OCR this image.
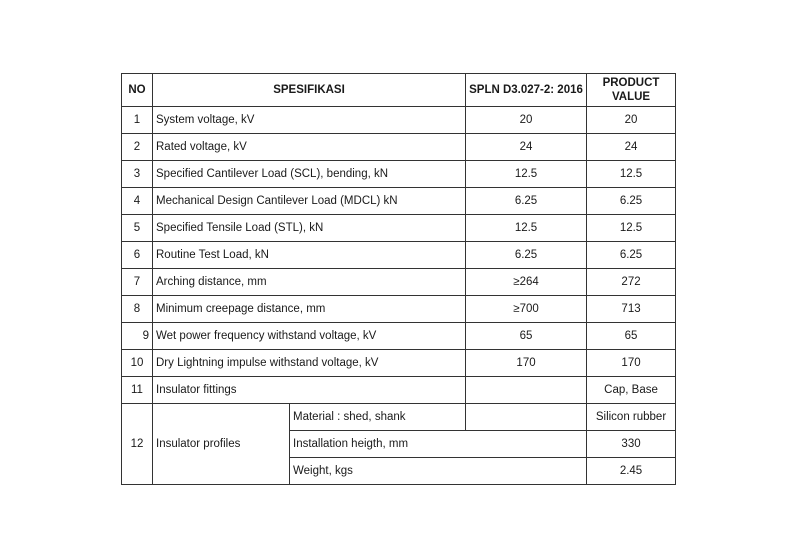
NO	SPESIFIKASI		SPLN D3.027-2: 2016	PRODUCT VALUE
1	System voltage, kV		20	20
2	Rated voltage, kV		24	24
3	Specified Cantilever Load (SCL), bending, kN		12.5	12.5
4	Mechanical Design Cantilever Load (MDCL) kN		6.25	6.25
5	Specified Tensile Load (STL), kN		12.5	12.5
6	Routine Test Load, kN		6.25	6.25
7	Arching distance, mm		≥264	272
8	Minimum creepage distance, mm		≥700	713
9	Wet power frequency withstand voltage, kV		65	65
10	Dry Lightning impulse withstand voltage, kV		170	170
11	Insulator fittings			Cap, Base
12	Insulator profiles	Material : shed, shank		Silicon rubber
		Installation heigth, mm		330
		Weight, kgs		2.45
